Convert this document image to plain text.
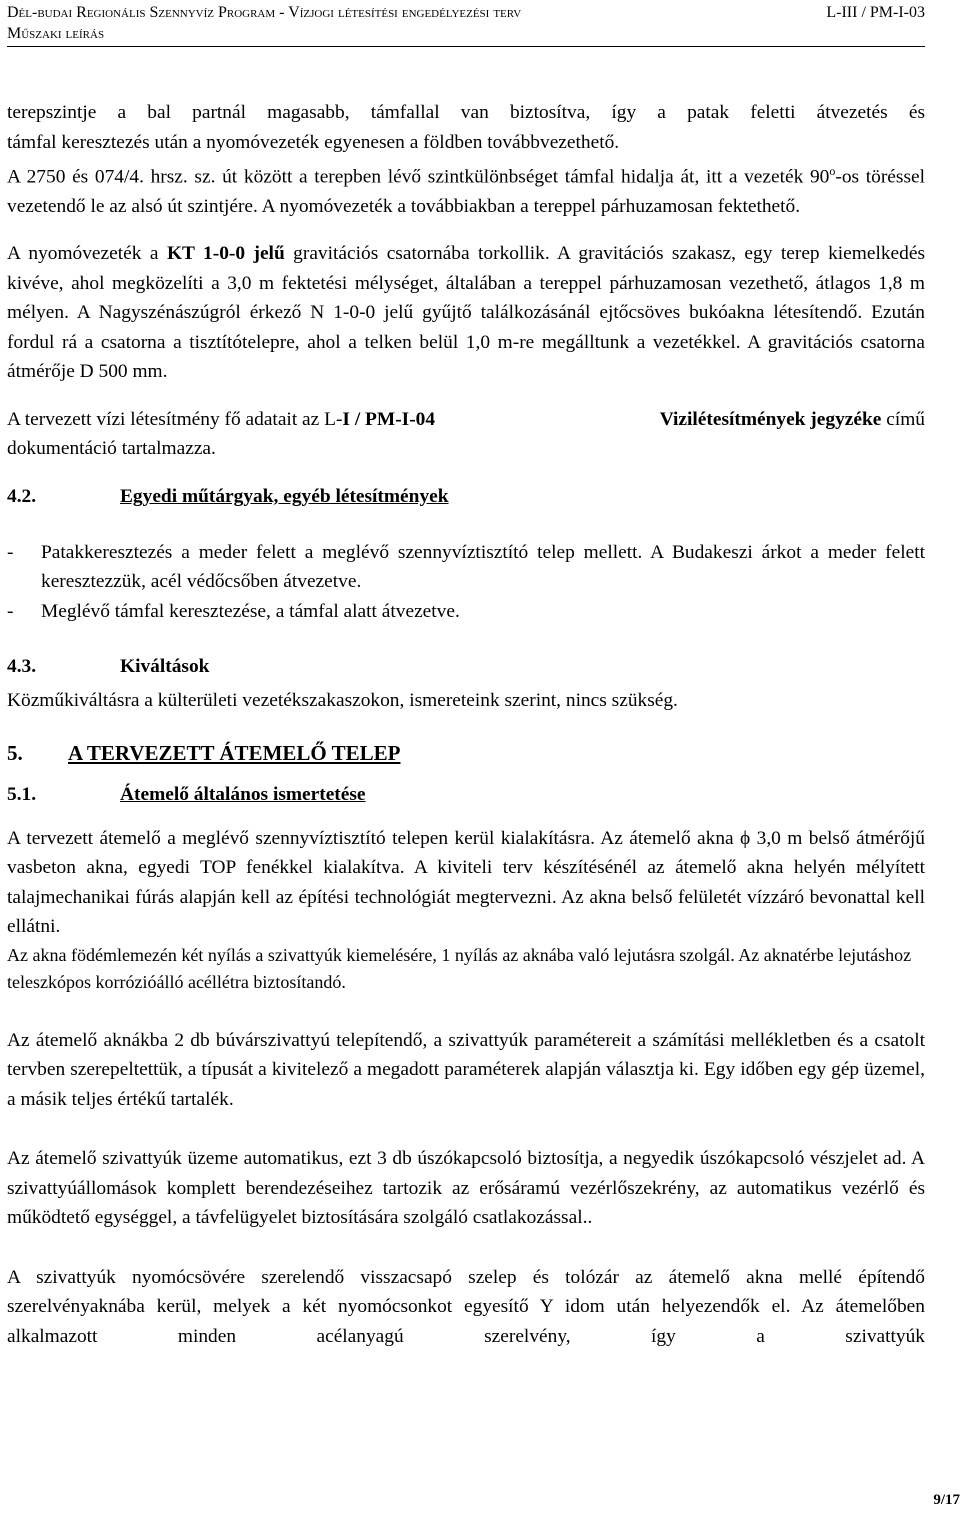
Dél-budai Regionális Szennyvíz Program - Vízjogi létesítési engedélyezési terv	L-III / PM-I-03
Műszaki leírás

terepszintje a bal partnál magasabb, támfallal van biztosítva, így a patak feletti átvezetés és

támfal keresztezés után a nyomóvezeték egyenesen a földben továbbvezethető.

A 2750 és 074/4. hrsz. sz. út között a terepben lévő szintkülönbséget támfal hidalja át, itt a vezeték 90$^o$-os töréssel vezetendő le az alsó út szintjére. A nyomóvezeték a továbbiakban a tereppel párhuzamosan fektethető.

A nyomóvezeték a KT 1-0-0 jelű gravitációs csatornába torkollik. A gravitációs szakasz, egy terep kiemelkedés kivéve, ahol megközelíti a 3,0 m fektetési mélységet, általában a tereppel párhuzamosan vezethető, átlagos 1,8 m mélyen. A Nagyszénászúgról érkező N 1-0-0 jelű gyűjtő találkozásánál ejtőcsöves bukóakna létesítendő. Ezután fordul rá a csatorna a tisztítótelepre, ahol a telken belül 1,0 m-re megálltunk a vezetékkel. A gravitációs csatorna átmérője D 500 mm.

A tervezett vízi létesítmény fő adatait az L-I / PM-I-04	Vizilétesítmények jegyzéke című

dokumentáció tartalmazza.

4.2.	Egyedi műtárgyak, egyéb létesítmények
-	Patakkeresztezés a meder felett a meglévő szennyvíztisztító telep mellett. A Budakeszi árkot a meder felett keresztezzük, acél védőcsőben átvezetve.
-	Meglévő támfal keresztezése, a támfal alatt átvezetve.
4.3.	Kiváltások

Közműkiváltásra a külterületi vezetékszakaszokon, ismereteink szerint, nincs szükség.

5.	A TERVEZETT ÁTEMELŐ TELEP
5.1.	Átemelő általános ismertetése

A tervezett átemelő a meglévő szennyvíztisztító telepen kerül kialakításra. Az átemelő akna ϕ 3,0 m belső átmérőjű vasbeton akna, egyedi TOP fenékkel kialakítva. A kiviteli terv készítésénél az átemelő akna helyén mélyített talajmechanikai fúrás alapján kell az építési technológiát megtervezni. Az akna belső felületét vízzáró bevonattal kell ellátni.

Az akna födémlemezén két nyílás a szivattyúk kiemelésére, 1 nyílás az aknába való lejutásra szolgál. Az aknatérbe lejutáshoz teleszkópos korrózióálló acéllétra biztosítandó.

Az átemelő aknákba 2 db búvárszivattyú telepítendő, a szivattyúk paramétereit a számítási mellékletben és a csatolt tervben szerepeltettük, a típusát a kivitelező a megadott paraméterek alapján választja ki. Egy időben egy gép üzemel, a másik teljes értékű tartalék.

Az átemelő szivattyúk üzeme automatikus, ezt 3 db úszókapcsoló biztosítja, a negyedik úszókapcsoló vészjelet ad. A szivattyúállomások komplett berendezéseihez tartozik az erősáramú vezérlőszekrény, az automatikus vezérlő és működtető egységgel, a távfelügyelet biztosítására szolgáló csatlakozással..

A szivattyúk nyomócsövére szerelendő visszacsapó szelep és tolózár az átemelő akna mellé építendő szerelvényaknába kerül, melyek a két nyomócsonkot egyesítő Y idom után helyezendők el. Az átemelőben alkalmazott minden acélanyagú szerelvény, így a szivattyúk

9/17
